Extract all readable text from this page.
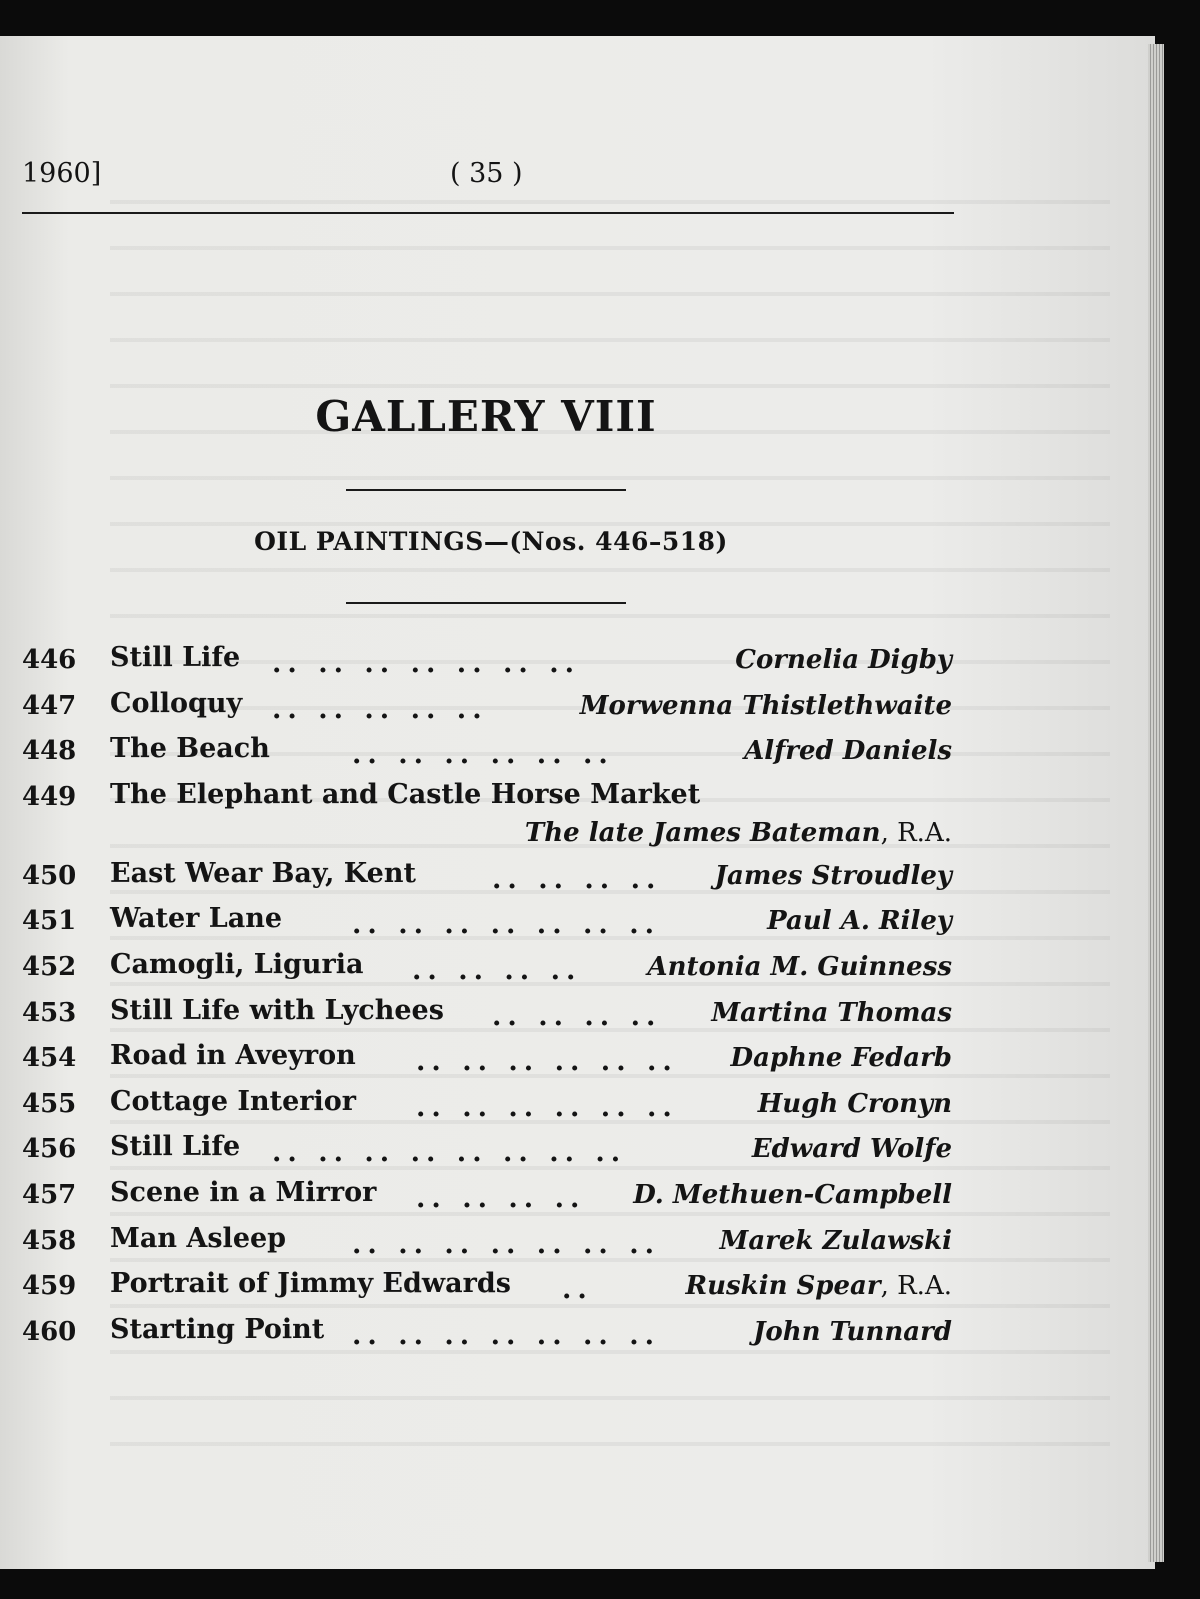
1960]	( 35 )
GALLERY VIII
OIL PAINTINGS—(Nos. 446–518)
446 Still Life .. .. .. .. .. .. ..	Cornelia Digby
447 Colloquy .. .. .. .. ..	Morwenna Thistlethwaite
448 The Beach	.. .. .. .. .. ..	Alfred Daniels
449 The Elephant and Castle Horse Market
The late James Bateman, R.A.
450 East Wear Bay, Kent	.. .. .. .. James Stroudley
451 Water Lane	.. .. .. .. .. .. ..	Paul A. Riley
452 Camogli, Liguria .. .. .. ..	Antonia M. Guinness
453 Still Life with Lychees .. .. .. .. Martina Thomas
454 Road in Aveyron .. .. .. .. .. .. Daphne Fedarb
455 Cottage Interior .. .. .. .. .. ..	Hugh Cronyn
456 Still Life .. .. .. .. .. .. .. ..	Edward Wolfe
457 Scene in a Mirror .. .. .. .. D. Methuen-Campbell
458 Man Asleep .. .. .. .. .. .. .. Marek Zulawski
459 Portrait of Jimmy Edwards ..	Ruskin Spear, R.A.
460 Starting Point .. .. .. .. .. .. ..	John Tunnard
